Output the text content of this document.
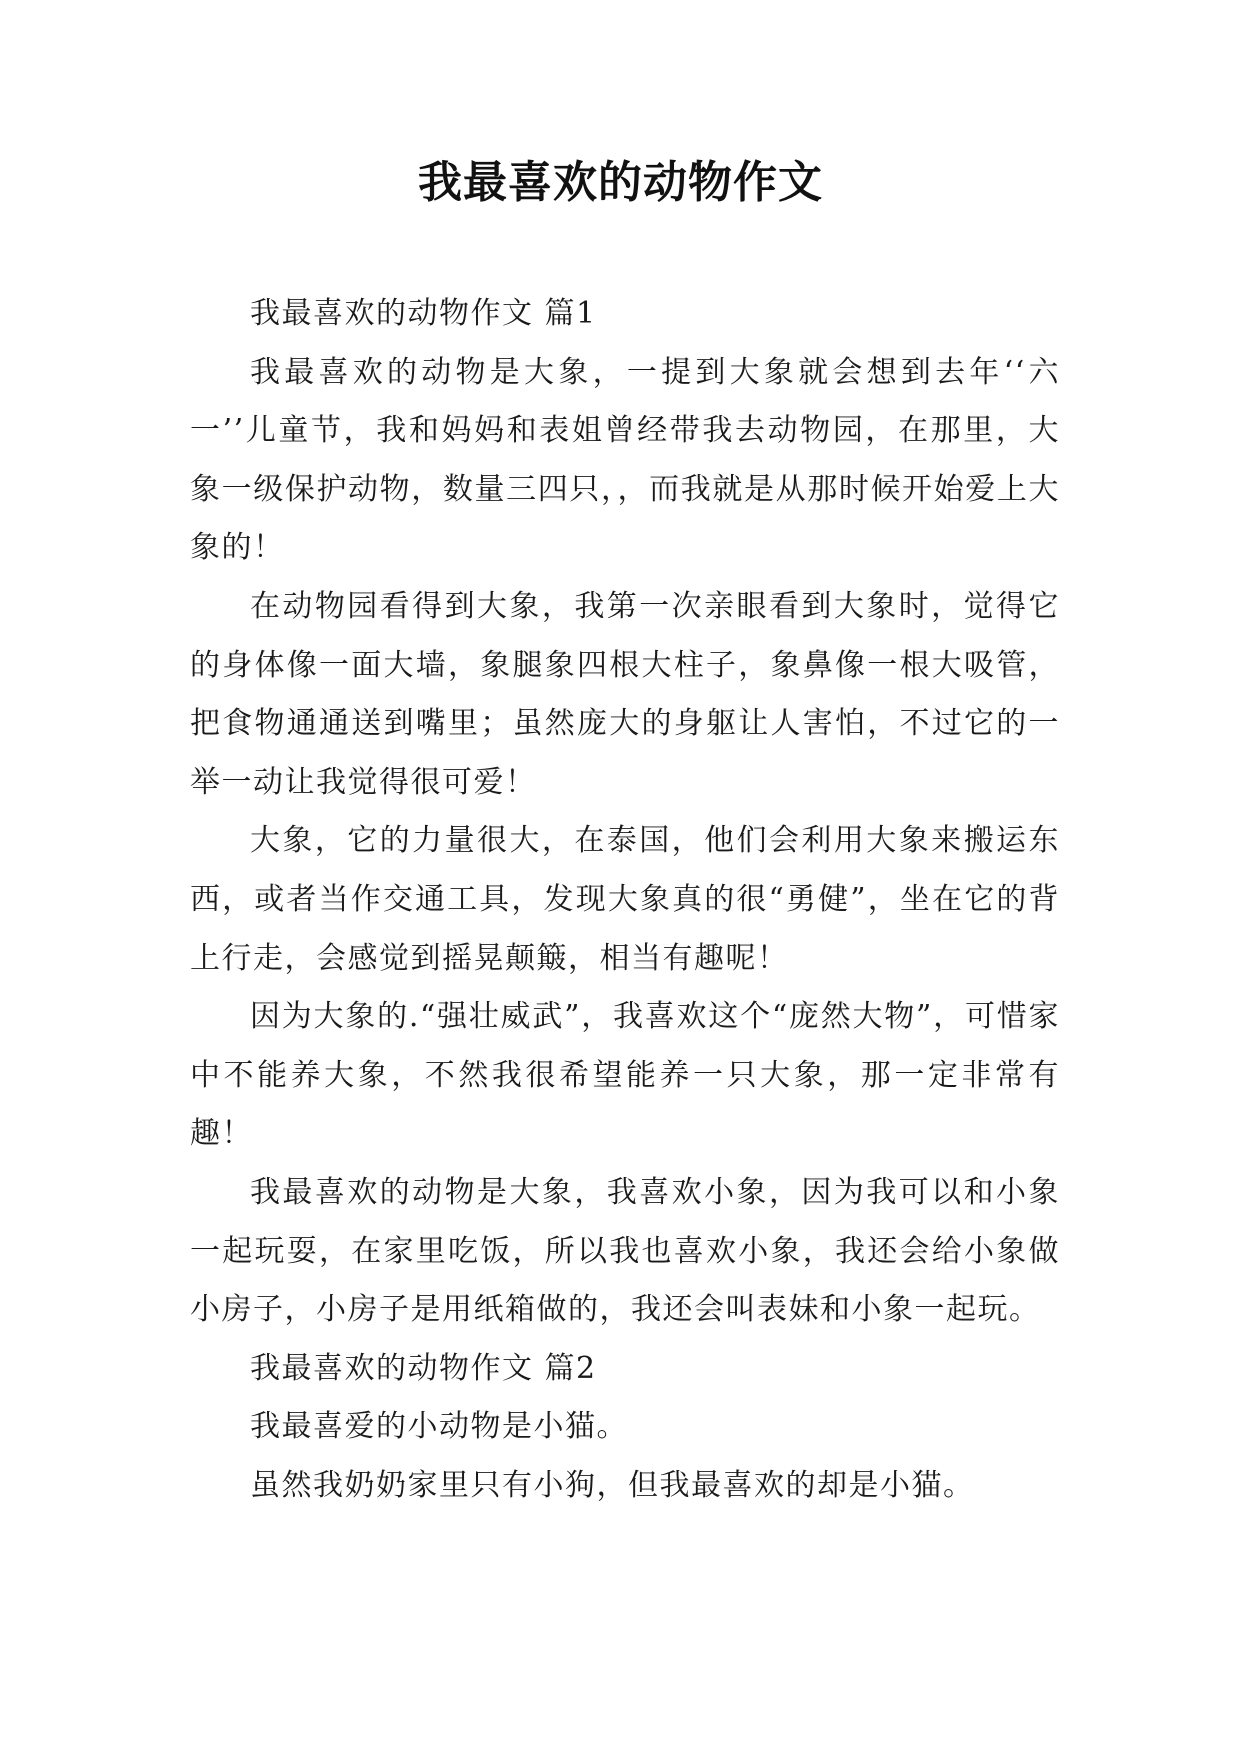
我最喜欢的动物作文

我最喜欢的动物作文 篇1

我最喜欢的动物是大象，一提到大象就会想到去年‘‘六一’’儿童节，我和妈妈和表姐曾经带我去动物园，在那里，大象一级保护动物，数量三四只，，而我就是从那时候开始爱上大象的！

在动物园看得到大象，我第一次亲眼看到大象时，觉得它的身体像一面大墙，象腿象四根大柱子，象鼻像一根大吸管，把食物通通送到嘴里；虽然庞大的身躯让人害怕，不过它的一举一动让我觉得很可爱！

大象，它的力量很大，在泰国，他们会利用大象来搬运东西，或者当作交通工具，发现大象真的很“勇健”，坐在它的背上行走，会感觉到摇晃颠簸，相当有趣呢！

因为大象的.“强壮威武”，我喜欢这个“庞然大物”，可惜家中不能养大象，不然我很希望能养一只大象，那一定非常有趣！

我最喜欢的动物是大象，我喜欢小象，因为我可以和小象一起玩耍，在家里吃饭，所以我也喜欢小象，我还会给小象做小房子，小房子是用纸箱做的，我还会叫表妹和小象一起玩。

我最喜欢的动物作文 篇2

我最喜爱的小动物是小猫。

虽然我奶奶家里只有小狗，但我最喜欢的却是小猫。
